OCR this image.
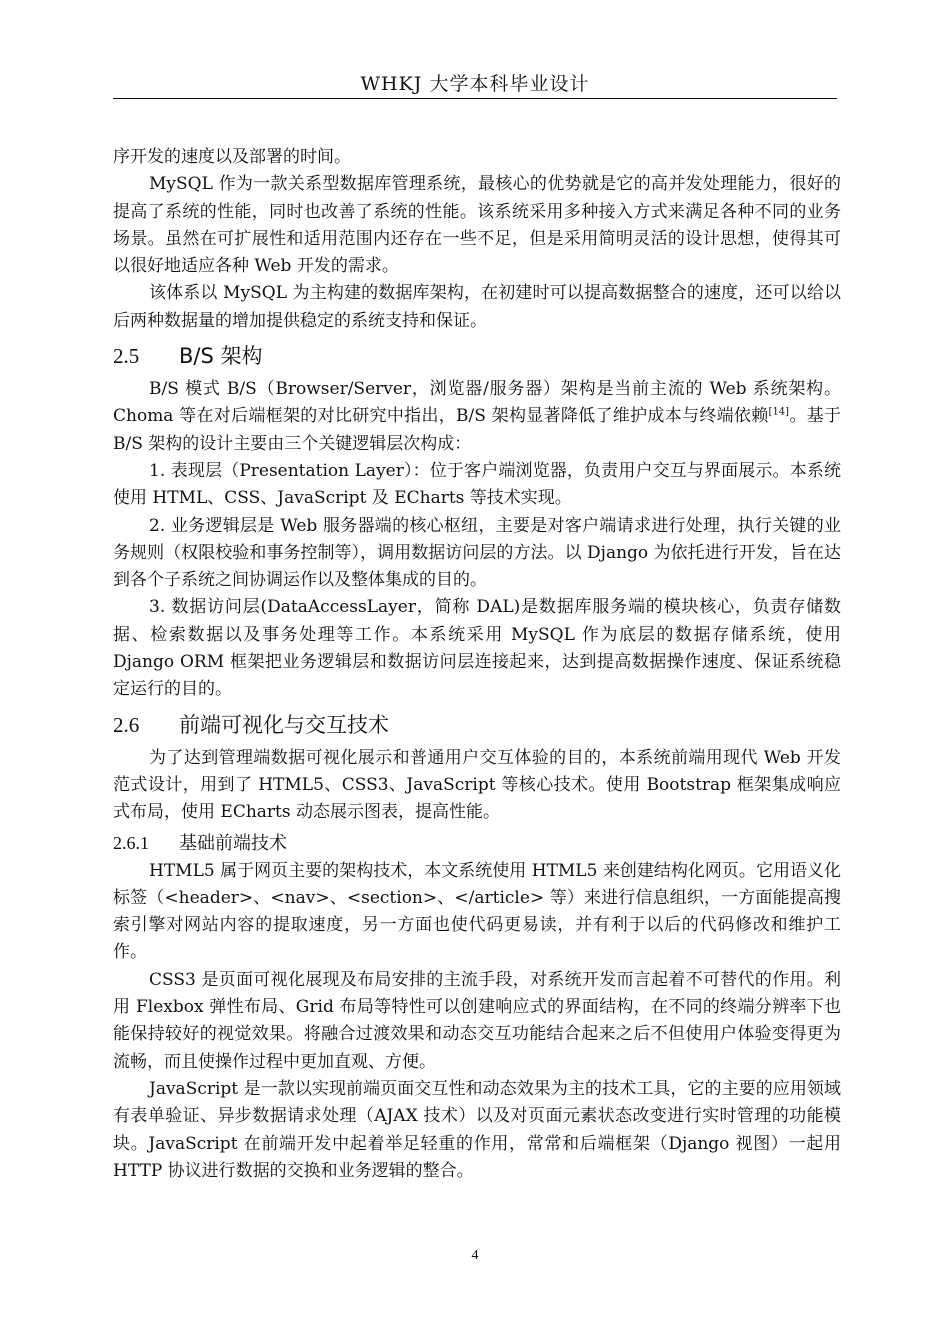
WHKJ 大学本科毕业设计

序开发的速度以及部署的时间。

MySQL 作为一款关系型数据库管理系统，最核心的优势就是它的高并发处理能力，很好的提高了系统的性能，同时也改善了系统的性能。该系统采用多种接入方式来满足各种不同的业务场景。虽然在可扩展性和适用范围内还存在一些不足，但是采用简明灵活的设计思想，使得其可以很好地适应各种 Web 开发的需求。

该体系以 MySQL 为主构建的数据库架构，在初建时可以提高数据整合的速度，还可以给以后两种数据量的增加提供稳定的系统支持和保证。

2.5 B/S 架构

B/S 模式 B/S（Browser/Server，浏览器/服务器）架构是当前主流的 Web 系统架构。Choma 等在对后端框架的对比研究中指出，B/S 架构显著降低了维护成本与终端依赖[14]。基于 B/S 架构的设计主要由三个关键逻辑层次构成：

1. 表现层（Presentation Layer）：位于客户端浏览器，负责用户交互与界面展示。本系统使用 HTML、CSS、JavaScript 及 ECharts 等技术实现。

2. 业务逻辑层是 Web 服务器端的核心枢纽，主要是对客户端请求进行处理，执行关键的业务规则（权限校验和事务控制等），调用数据访问层的方法。以 Django 为依托进行开发，旨在达到各个子系统之间协调运作以及整体集成的目的。

3. 数据访问层(DataAccessLayer，简称 DAL)是数据库服务端的模块核心，负责存储数据、检索数据以及事务处理等工作。本系统采用 MySQL 作为底层的数据存储系统，使用 Django ORM 框架把业务逻辑层和数据访问层连接起来，达到提高数据操作速度、保证系统稳定运行的目的。

2.6 前端可视化与交互技术

为了达到管理端数据可视化展示和普通用户交互体验的目的，本系统前端用现代 Web 开发范式设计，用到了 HTML5、CSS3、JavaScript 等核心技术。使用 Bootstrap 框架集成响应式布局，使用 ECharts 动态展示图表，提高性能。

2.6.1 基础前端技术

HTML5 属于网页主要的架构技术，本文系统使用 HTML5 来创建结构化网页。它用语义化标签（<header>、<nav>、<section>、</article> 等）来进行信息组织，一方面能提高搜索引擎对网站内容的提取速度，另一方面也使代码更易读，并有利于以后的代码修改和维护工作。

CSS3 是页面可视化展现及布局安排的主流手段，对系统开发而言起着不可替代的作用。利用 Flexbox 弹性布局、Grid 布局等特性可以创建响应式的界面结构，在不同的终端分辨率下也能保持较好的视觉效果。将融合过渡效果和动态交互功能结合起来之后不但使用户体验变得更为流畅，而且使操作过程中更加直观、方便。

JavaScript 是一款以实现前端页面交互性和动态效果为主的技术工具，它的主要的应用领域有表单验证、异步数据请求处理（AJAX 技术）以及对页面元素状态改变进行实时管理的功能模块。JavaScript 在前端开发中起着举足轻重的作用，常常和后端框架（Django 视图）一起用 HTTP 协议进行数据的交换和业务逻辑的整合。

4
